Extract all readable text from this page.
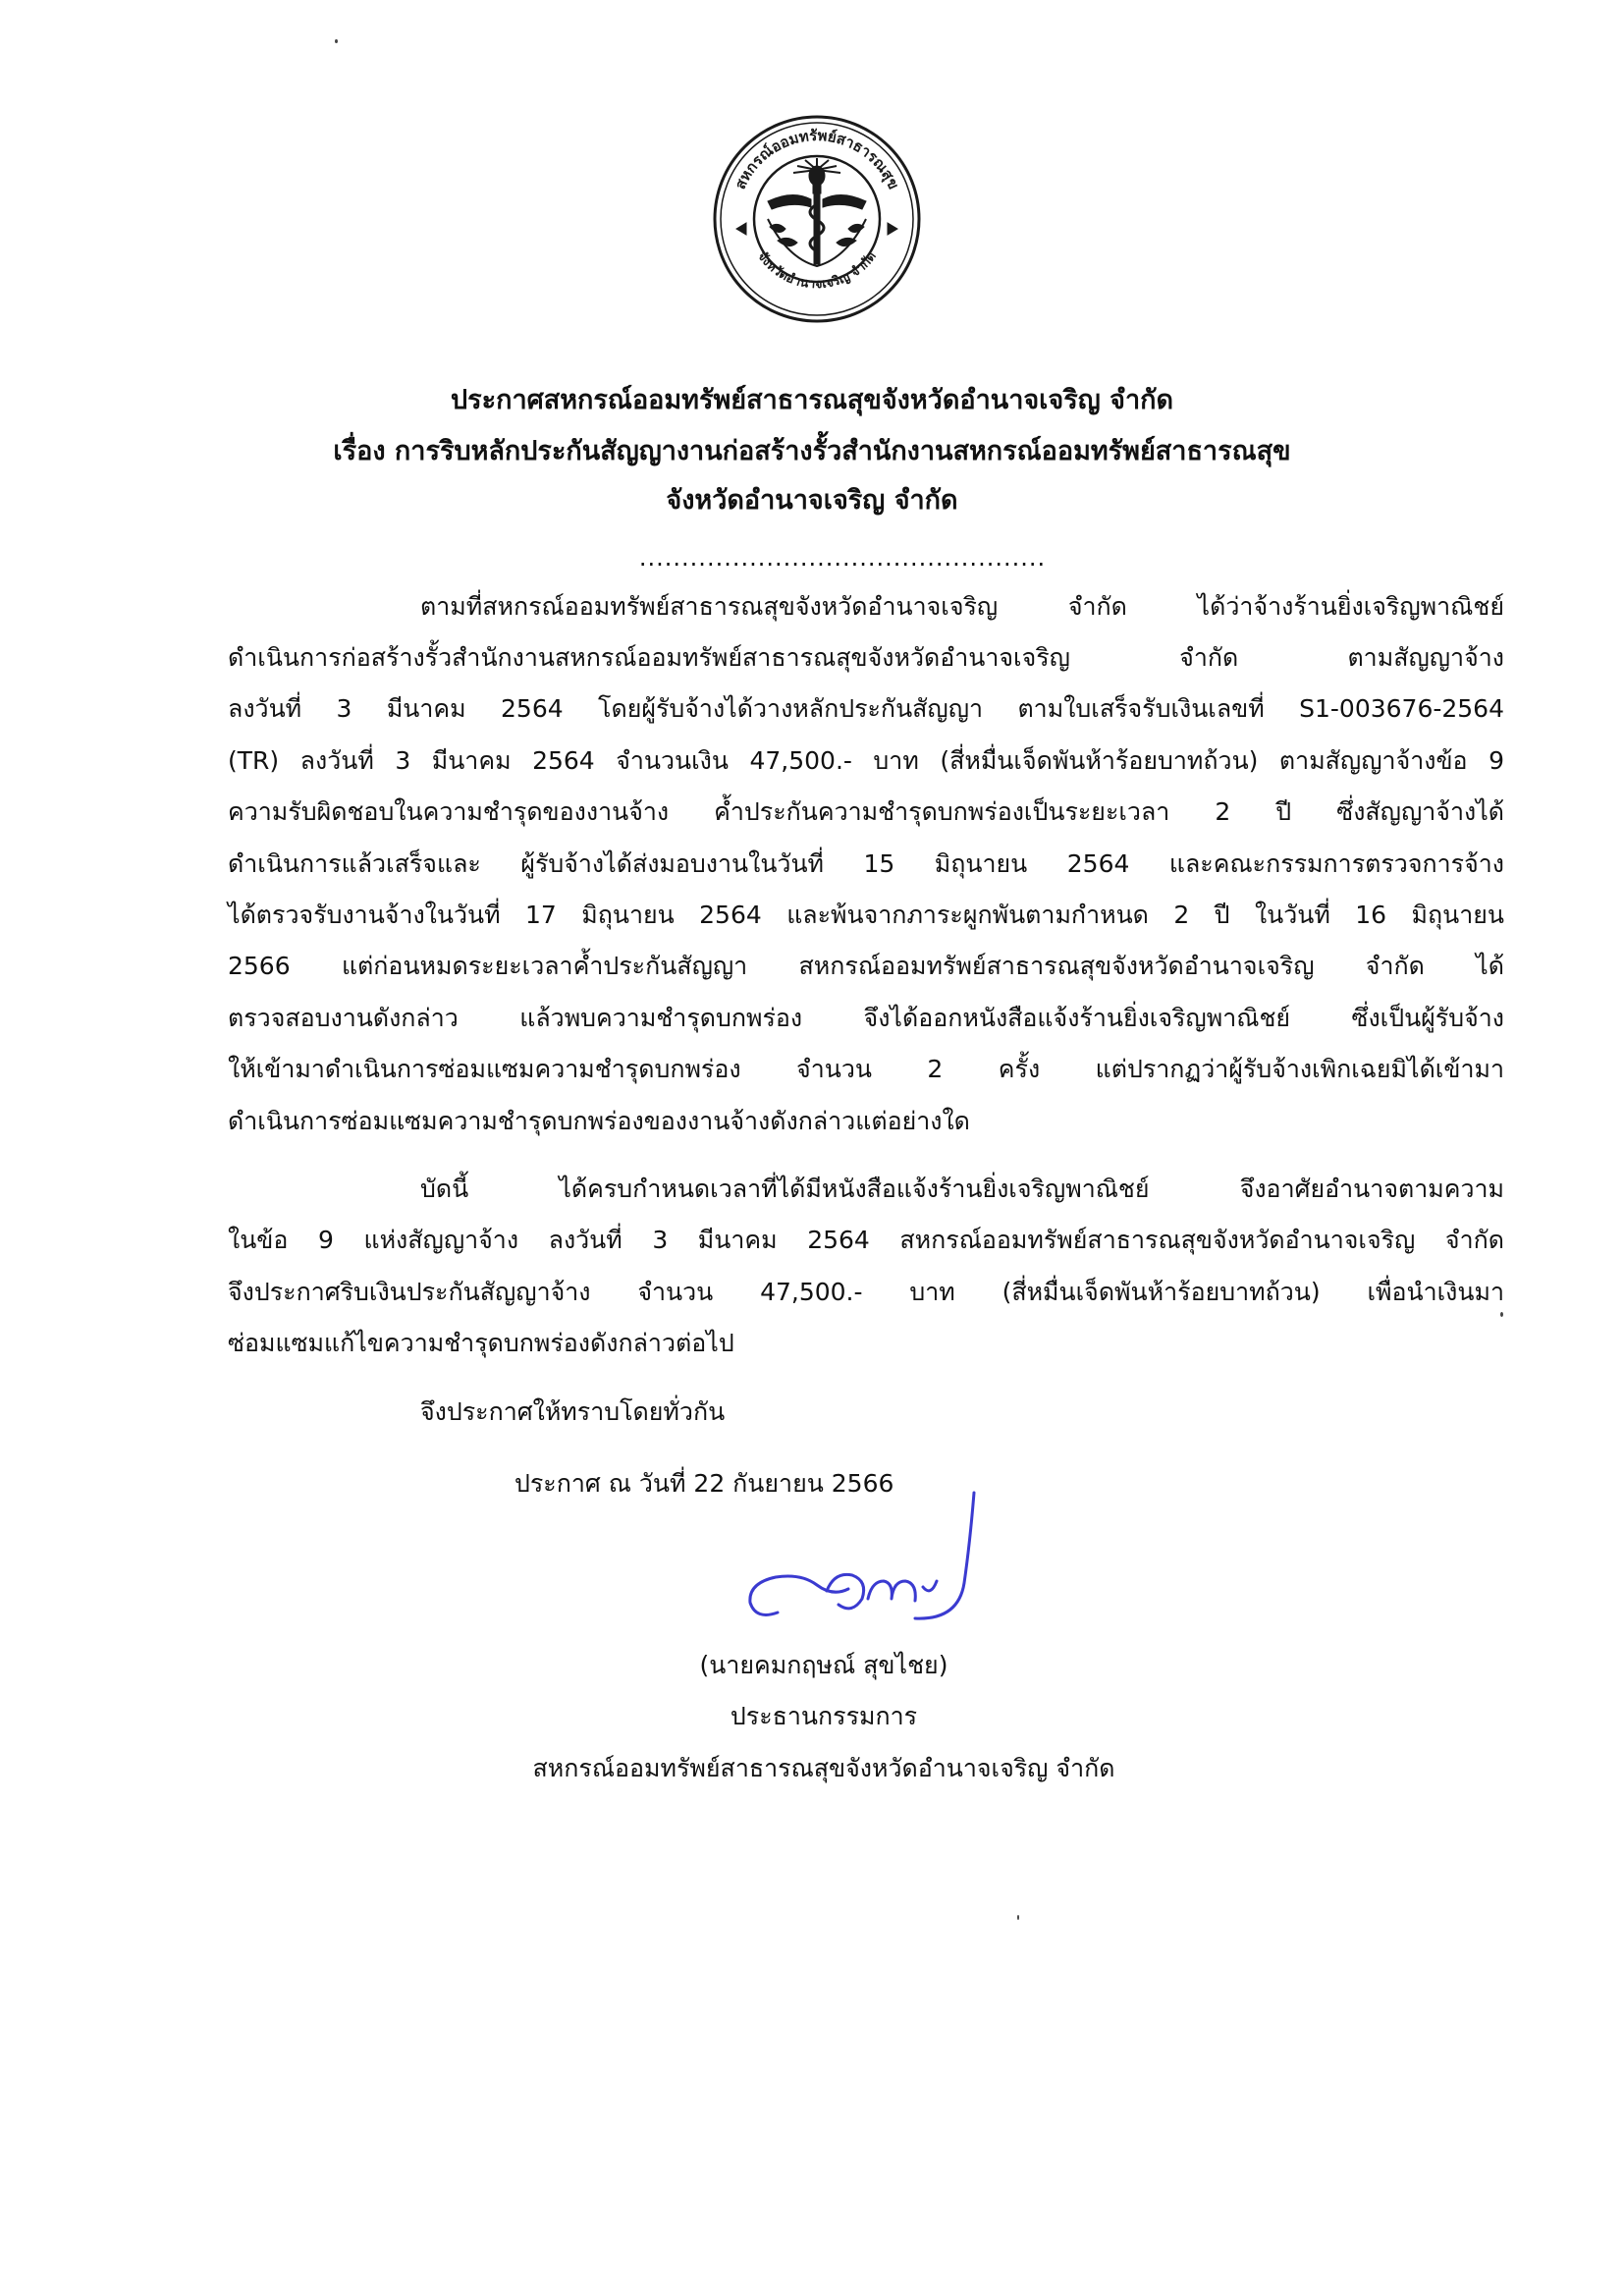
สหกรณ์ออมทรัพย์สาธารณสุข
จังหวัดอำนาจเจริญ จำกัด
ประกาศสหกรณ์ออมทรัพย์สาธารณสุขจังหวัดอำนาจเจริญ จำกัด
เรื่อง การริบหลักประกันสัญญางานก่อสร้างรั้วสำนักงานสหกรณ์ออมทรัพย์สาธารณสุข
จังหวัดอำนาจเจริญ จำกัด
................................................
ตามที่สหกรณ์ออมทรัพย์สาธารณสุขจังหวัดอำนาจเจริญ จำกัด ได้ว่าจ้างร้านยิ่งเจริญพาณิชย์
ดำเนินการก่อสร้างรั้วสำนักงานสหกรณ์ออมทรัพย์สาธารณสุขจังหวัดอำนาจเจริญ จำกัด ตามสัญญาจ้าง
ลงวันที่ 3 มีนาคม 2564 โดยผู้รับจ้างได้วางหลักประกันสัญญา ตามใบเสร็จรับเงินเลขที่ S1-003676-2564
(TR) ลงวันที่ 3 มีนาคม 2564 จำนวนเงิน 47,500.- บาท (สี่หมื่นเจ็ดพันห้าร้อยบาทถ้วน) ตามสัญญาจ้างข้อ 9
ความรับผิดชอบในความชำรุดของงานจ้าง ค้ำประกันความชำรุดบกพร่องเป็นระยะเวลา 2 ปี ซึ่งสัญญาจ้างได้
ดำเนินการแล้วเสร็จและ ผู้รับจ้างได้ส่งมอบงานในวันที่ 15 มิถุนายน 2564 และคณะกรรมการตรวจการจ้าง
ได้ตรวจรับงานจ้างในวันที่ 17 มิถุนายน 2564 และพ้นจากภาระผูกพันตามกำหนด 2 ปี ในวันที่ 16 มิถุนายน
2566 แต่ก่อนหมดระยะเวลาค้ำประกันสัญญา สหกรณ์ออมทรัพย์สาธารณสุขจังหวัดอำนาจเจริญ จำกัด ได้
ตรวจสอบงานดังกล่าว แล้วพบความชำรุดบกพร่อง จึงได้ออกหนังสือแจ้งร้านยิ่งเจริญพาณิชย์ ซึ่งเป็นผู้รับจ้าง
ให้เข้ามาดำเนินการซ่อมแซมความชำรุดบกพร่อง จำนวน 2 ครั้ง แต่ปรากฏว่าผู้รับจ้างเพิกเฉยมิได้เข้ามา
ดำเนินการซ่อมแซมความชำรุดบกพร่องของงานจ้างดังกล่าวแต่อย่างใด
บัดนี้ ได้ครบกำหนดเวลาที่ได้มีหนังสือแจ้งร้านยิ่งเจริญพาณิชย์ จึงอาศัยอำนาจตามความ
ในข้อ 9 แห่งสัญญาจ้าง ลงวันที่ 3 มีนาคม 2564 สหกรณ์ออมทรัพย์สาธารณสุขจังหวัดอำนาจเจริญ จำกัด
จึงประกาศริบเงินประกันสัญญาจ้าง จำนวน 47,500.- บาท (สี่หมื่นเจ็ดพันห้าร้อยบาทถ้วน) เพื่อนำเงินมา
ซ่อมแซมแก้ไขความชำรุดบกพร่องดังกล่าวต่อไป
จึงประกาศให้ทราบโดยทั่วกัน
ประกาศ ณ วันที่ 22 กันยายน 2566
(นายคมกฤษณ์ สุขไชย)
ประธานกรรมการ
สหกรณ์ออมทรัพย์สาธารณสุขจังหวัดอำนาจเจริญ จำกัด
